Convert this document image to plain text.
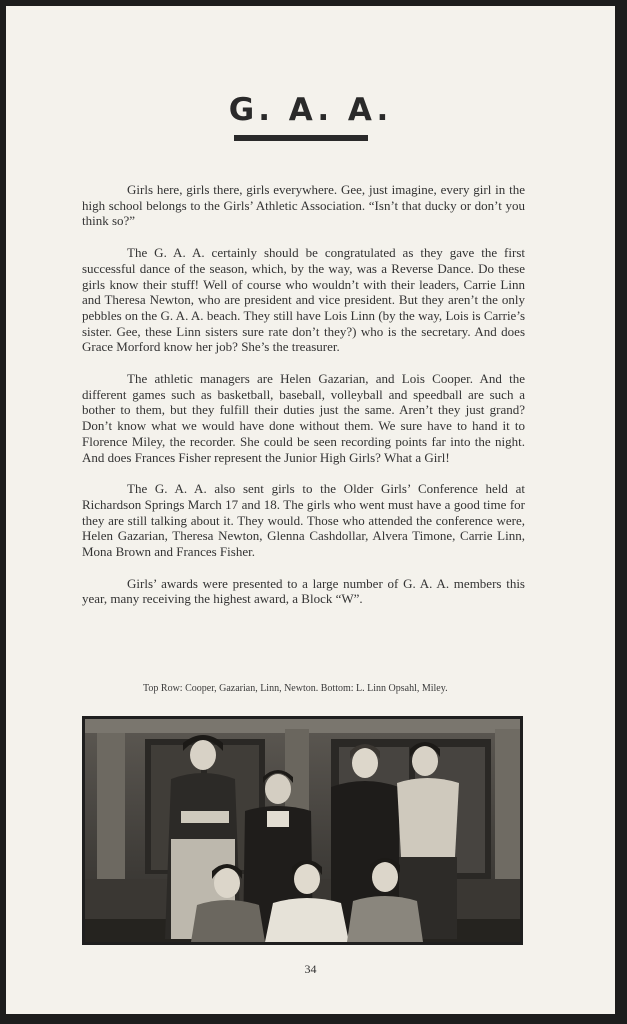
G. A. A.

Girls here, girls there, girls everywhere. Gee, just imagine, every girl in the high school belongs to the Girls’ Athletic Association. “Isn’t that ducky or don’t you think so?”

The G. A. A. certainly should be congratulated as they gave the first successful dance of the season, which, by the way, was a Reverse Dance. Do these girls know their stuff! Well of course who wouldn’t with their leaders, Carrie Linn and Theresa Newton, who are president and vice president. But they aren’t the only pebbles on the G. A. A. beach. They still have Lois Linn (by the way, Lois is Carrie’s sister. Gee, these Linn sisters sure rate don’t they?) who is the secretary. And does Grace Morford know her job? She’s the treasurer.

The athletic managers are Helen Gazarian, and Lois Cooper. And the different games such as basketball, baseball, volleyball and speedball are such a bother to them, but they fulfill their duties just the same. Aren’t they just grand? Don’t know what we would have done without them. We sure have to hand it to Florence Miley, the recorder. She could be seen recording points far into the night. And does Frances Fisher represent the Junior High Girls? What a Girl!

The G. A. A. also sent girls to the Older Girls’ Conference held at Richardson Springs March 17 and 18. The girls who went must have a good time for they are still talking about it. They would. Those who attended the conference were, Helen Gazarian, Theresa Newton, Glenna Cashdollar, Alvera Timone, Carrie Linn, Mona Brown and Frances Fisher.

Girls’ awards were presented to a large number of G. A. A. members this year, many receiving the highest award, a Block “W”.

Top Row: Cooper, Gazarian, Linn, Newton. Bottom: L. Linn Opsahl, Miley.
34
